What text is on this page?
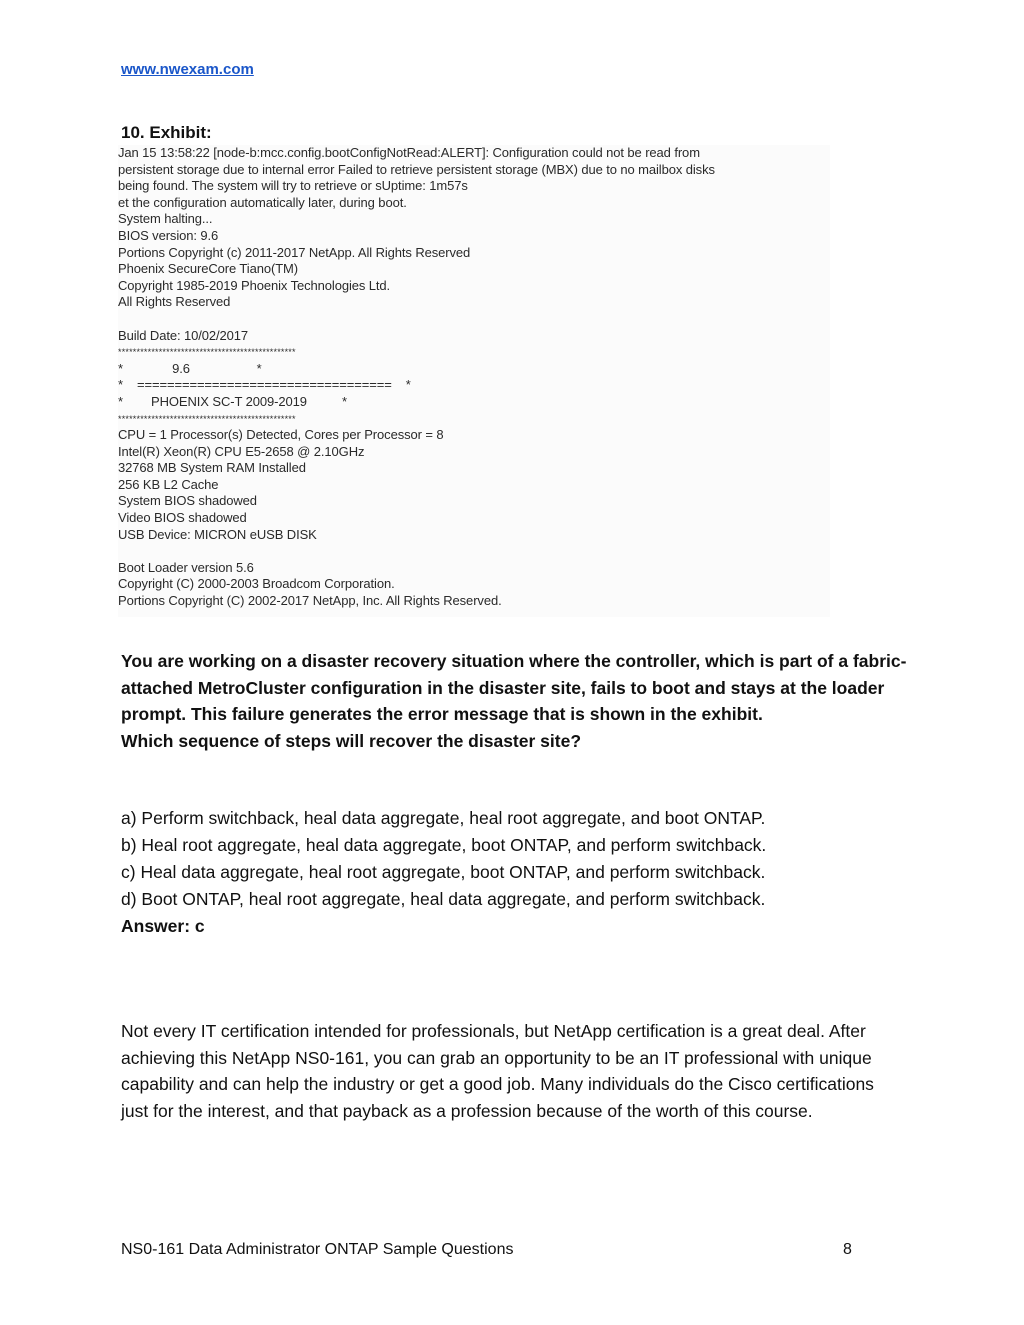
www.nwexam.com
10. Exhibit:
Jan 15 13:58:22 [node-b:mcc.config.bootConfigNotRead:ALERT]: Configuration could not be read from
persistent storage due to internal error Failed to retrieve persistent storage (MBX) due to no mailbox disks
being found. The system will try to retrieve or sUptime: 1m57s
et the configuration automatically later, during boot.
System halting...
BIOS version: 9.6
Portions Copyright (c) 2011-2017 NetApp. All Rights Reserved
Phoenix SecureCore Tiano(TM)
Copyright 1985-2019 Phoenix Technologies Ltd.
All Rights Reserved
Build Date: 10/02/2017
************************************************
*              9.6                   *
*    ==================================    *
*        PHOENIX SC-T 2009-2019          *
************************************************
CPU = 1 Processor(s) Detected, Cores per Processor = 8
Intel(R) Xeon(R) CPU E5-2658 @ 2.10GHz
32768 MB System RAM Installed
256 KB L2 Cache
System BIOS shadowed
Video BIOS shadowed
USB Device: MICRON eUSB DISK
Boot Loader version 5.6
Copyright (C) 2000-2003 Broadcom Corporation.
Portions Copyright (C) 2002-2017 NetApp, Inc. All Rights Reserved.
You are working on a disaster recovery situation where the controller, which is part of a fabric-attached MetroCluster configuration in the disaster site, fails to boot and stays at the loader prompt. This failure generates the error message that is shown in the exhibit.
Which sequence of steps will recover the disaster site?
a) Perform switchback, heal data aggregate, heal root aggregate, and boot ONTAP.
b) Heal root aggregate, heal data aggregate, boot ONTAP, and perform switchback.
c) Heal data aggregate, heal root aggregate, boot ONTAP, and perform switchback.
d) Boot ONTAP, heal root aggregate, heal data aggregate, and perform switchback.
Answer: c
Not every IT certification intended for professionals, but NetApp certification is a great deal. After achieving this NetApp NS0-161, you can grab an opportunity to be an IT professional with unique capability and can help the industry or get a good job. Many individuals do the Cisco certifications just for the interest, and that payback as a profession because of the worth of this course.
NS0-161 Data Administrator ONTAP Sample Questions	8
